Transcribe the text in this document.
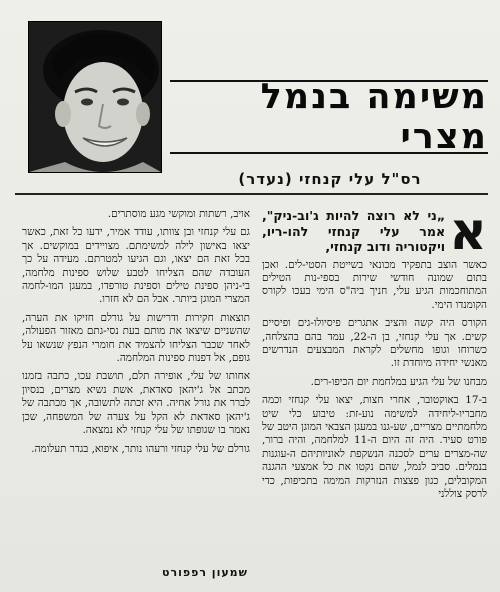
משימה בנמל מצרי
רס"ל עלי קנחזי (נעדר)
א
„ני לא רוצה להיות ג'וב-ניק", אמר עלי קנחזי להו-ריו, ויקטוריה ודוב קנחזי,

כאשר הוצב בתפקיד מכונאי בשייטת הסטי-לים. ואכן בתום שמונה חודשי שירות בספי-נות הטילים המתוחכמות הגיע עלי, חניך ביה"ס הימי בעכו לקורס הקומנדו הימי.

הקורס היה קשה והציב אתגרים פיסיולו-גים ופיסיים קשים. אך עלי קנחזי, בן ה-22, עמד בהם בהצלחה, כשרוחו וגופו מחשלים לקראת המבצעים הנדרשים מאנשי יחידה מיוחדת זו.

מבחנו של עלי הגיע במלחמת יום הכיפו-רים.

ב-17 באוקטובר, אחרי חצות, יצאו עלי קנחזי וכמה מחבריו-ליחידה למשימה נוע-זת: טיבוע כלי שיט מלחמתיים מצריים, שע-גנו במעגן הצבאי המוגן היטב של פורט סעיד. היה זה היום ה-11 למלחמה, והיה ברור, שה-מצרים ערים לסכנה הנשקפת לאוניותיהם ה-עוגנות בנמלים. סביב לנמל, שהם נקטו את כל אמצעי ההגנה המקובלים, כגון פצצות הנזרקות המימה בתכיפות, כדי לרסק צוללני

אויב, רשתות ומוקשי מגע מוסתרים.

גם עלי קנחזי ובן צוותו, עודד אמיר, ידעו כל זאת, כאשר יצאו באישון לילה למשימתם. מצויידים במוקשים. אך בכל זאת הם יצאו, וגם הגיעו למטרתם. מעידה על כך העובדה שהם הצליחו לטבע שלוש ספינות מלחמה, בי-ניהן ספינת טילים וספינת טורפדו, במעגן המו-לחמה המצרי המוגן ביותר. אבל הם לא חזרו.

תוצאות חקירות ודרישות על גורלם חזיקו את הערה, שהשניים שיצאו את מותם בעת נסי-גתם מאזור הפעולה, לאחר שכבר הצליחו להצמיד את חומרי הנפץ שנשאו על גופם, אל דפנות ספינות המלחמה.

אחותו של עלי, אופירה תלם, תושבת עכו, כתבה בזמנו מכתב אל ג'יהאן סאדאת, אשת נשיא מצרים, בנסיון לברר את גורל אחיה. היא זכתה לתשובה, אך מכתבה של ג'יהאן סאדאת לא הקל על צערה של המשפחה, שכן נאמר בו שגופתו של עלי קנחזי לא נמצאה.

גורלם של עלי קנחזי ורעהו נותר, איפוא, בגדר תעלומה.

שמעון רפפורט
